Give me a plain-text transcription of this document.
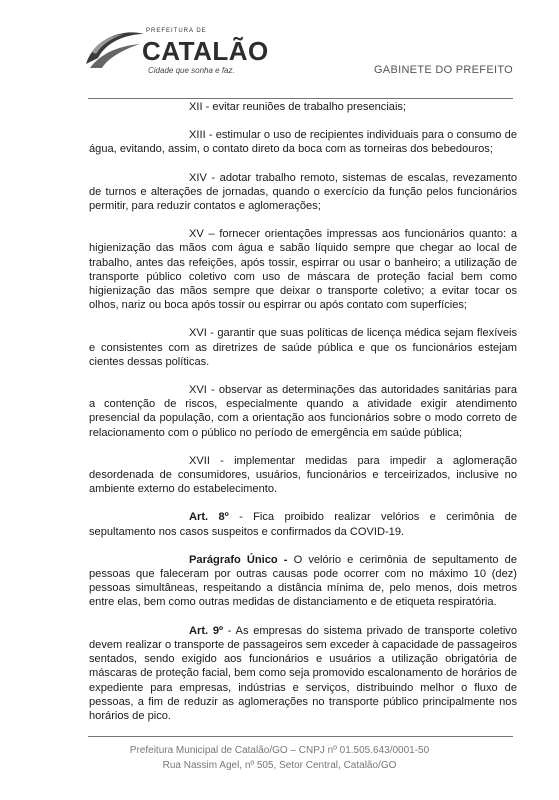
PREFEITURA DE
CATALÃO
Cidade que sonha e faz.	GABINETE DO PREFEITO

XII - evitar reuniões de trabalho presenciais;

XIII - estimular o uso de recipientes individuais para o consumo de água, evitando, assim, o contato direto da boca com as torneiras dos bebedouros;

XIV - adotar trabalho remoto, sistemas de escalas, revezamento de turnos e alterações de jornadas, quando o exercício da função pelos funcionários permitir, para reduzir contatos e aglomerações;

XV – fornecer orientações impressas aos funcionários quanto: a higienização das mãos com água e sabão líquido sempre que chegar ao local de trabalho, antes das refeições, após tossir, espirrar ou usar o banheiro; a utilização de transporte público coletivo com uso de máscara de proteção facial bem como higienização das mãos sempre que deixar o transporte coletivo; a evitar tocar os olhos, nariz ou boca após tossir ou espirrar ou após contato com superfícies;

XVI - garantir que suas políticas de licença médica sejam flexíveis e consistentes com as diretrizes de saúde pública e que os funcionários estejam cientes dessas políticas.

XVI - observar as determinações das autoridades sanitárias para a contenção de riscos, especialmente quando a atividade exigir atendimento presencial da população, com a orientação aos funcionários sobre o modo correto de relacionamento com o público no período de emergência em saúde pública;

XVII - implementar medidas para impedir a aglomeração desordenada de consumidores, usuários, funcionários e terceirizados, inclusive no ambiente externo do estabelecimento.

Art. 8º - Fica proibido realizar velórios e cerimônia de sepultamento nos casos suspeitos e confirmados da COVID-19.

Parágrafo Único - O velório e cerimônia de sepultamento de pessoas que faleceram por outras causas pode ocorrer com no máximo 10 (dez) pessoas simultâneas, respeitando a distância mínima de, pelo menos, dois metros entre elas, bem como outras medidas de distanciamento e de etiqueta respiratória.

Art. 9º - As empresas do sistema privado de transporte coletivo devem realizar o transporte de passageiros sem exceder à capacidade de passageiros sentados, sendo exigido aos funcionários e usuários a utilização obrigatória de máscaras de proteção facial, bem como seja promovido escalonamento de horários de expediente para empresas, indústrias e serviços, distribuindo melhor o fluxo de pessoas, a fim de reduzir as aglomerações no transporte público principalmente nos horários de pico.

Prefeitura Municipal de Catalão/GO – CNPJ nº 01.505.643/0001-50
Rua Nassim Agel, nº 505, Setor Central, Catalão/GO
